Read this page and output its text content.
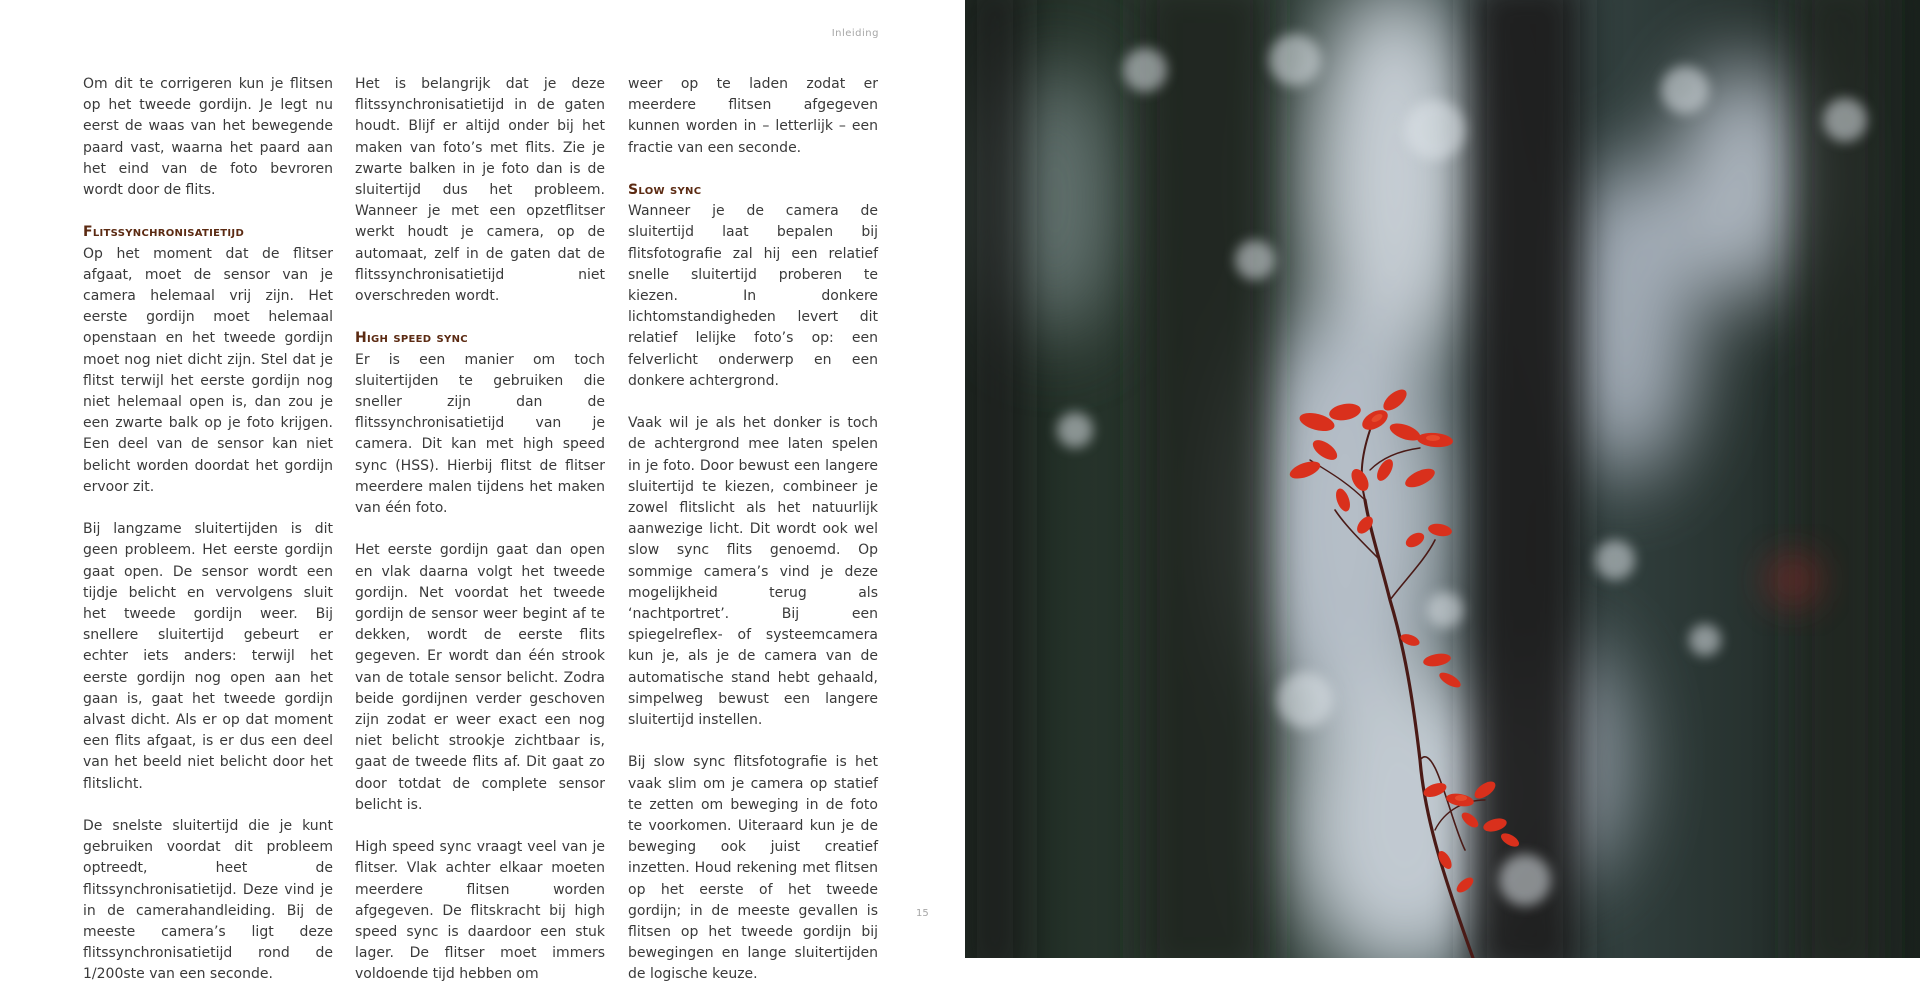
Inleiding

Om dit te corrigeren kun je flitsen op het tweede gordijn. Je legt nu eerst de waas van het bewegende paard vast, waarna het paard aan het eind van de foto bevroren wordt door de flits.

Flitssynchronisatietijd

Op het moment dat de flitser afgaat, moet de sensor van je camera helemaal vrij zijn. Het eerste gordijn moet helemaal openstaan en het tweede gordijn moet nog niet dicht zijn. Stel dat je flitst terwijl het eerste gordijn nog niet helemaal open is, dan zou je een zwarte balk op je foto krijgen. Een deel van de sensor kan niet belicht worden doordat het gordijn ervoor zit.

Bij langzame sluitertijden is dit geen probleem. Het eerste gordijn gaat open. De sensor wordt een tijdje belicht en vervolgens sluit het tweede gordijn weer. Bij snellere sluitertijd gebeurt er echter iets anders: terwijl het eerste gordijn nog open aan het gaan is, gaat het tweede gordijn alvast dicht. Als er op dat moment een flits afgaat, is er dus een deel van het beeld niet belicht door het flitslicht.

De snelste sluitertijd die je kunt gebruiken voordat dit probleem optreedt, heet de flitssynchronisatietijd. Deze vind je in de camerahandleiding. Bij de meeste camera’s ligt deze flitssynchronisatietijd rond de 1/200ste van een seconde.

Het is belangrijk dat je deze flitssynchronisatietijd in de gaten houdt. Blijf er altijd onder bij het maken van foto’s met flits. Zie je zwarte balken in je foto dan is de sluitertijd dus het probleem. Wanneer je met een opzetflitser werkt houdt je camera, op de automaat, zelf in de gaten dat de flitssynchronisatietijd niet overschreden wordt.

High speed sync

Er is een manier om toch sluitertijden te gebruiken die sneller zijn dan de flitssynchronisatietijd van je camera. Dit kan met high speed sync (HSS). Hierbij flitst de flitser meerdere malen tijdens het maken van één foto.

Het eerste gordijn gaat dan open en vlak daarna volgt het tweede gordijn. Net voordat het tweede gordijn de sensor weer begint af te dekken, wordt de eerste flits gegeven. Er wordt dan één strook van de totale sensor belicht. Zodra beide gordijnen verder geschoven zijn zodat er weer exact een nog niet belicht strookje zichtbaar is, gaat de tweede flits af. Dit gaat zo door totdat de complete sensor belicht is.

High speed sync vraagt veel van je flitser. Vlak achter elkaar moeten meerdere flitsen worden afgegeven. De flitskracht bij high speed sync is daardoor een stuk lager. De flitser moet immers voldoende tijd hebben om

weer op te laden zodat er meerdere flitsen afgegeven kunnen worden in – letterlijk – een fractie van een seconde.

Slow sync

Wanneer je de camera de sluitertijd laat bepalen bij flitsfotografie zal hij een relatief snelle sluitertijd proberen te kiezen. In donkere lichtomstandigheden levert dit relatief lelijke foto’s op: een felverlicht onderwerp en een donkere achtergrond.

Vaak wil je als het donker is toch de achtergrond mee laten spelen in je foto. Door bewust een langere sluitertijd te kiezen, combineer je zowel flitslicht als het natuurlijk aanwezige licht. Dit wordt ook wel slow sync flits genoemd. Op sommige camera’s vind je deze mogelijkheid terug als ‘nachtportret’. Bij een spiegelreflex- of systeemcamera kun je, als je de camera van de automatische stand hebt gehaald, simpelweg bewust een langere sluitertijd instellen.

Bij slow sync flitsfotografie is het vaak slim om je camera op statief te zetten om beweging in de foto te voorkomen. Uiteraard kun je de beweging ook juist creatief inzetten. Houd rekening met flitsen op het eerste of het tweede gordijn; in de meeste gevallen is flitsen op het tweede gordijn bij bewegingen en lange sluitertijden de logische keuze.

15
